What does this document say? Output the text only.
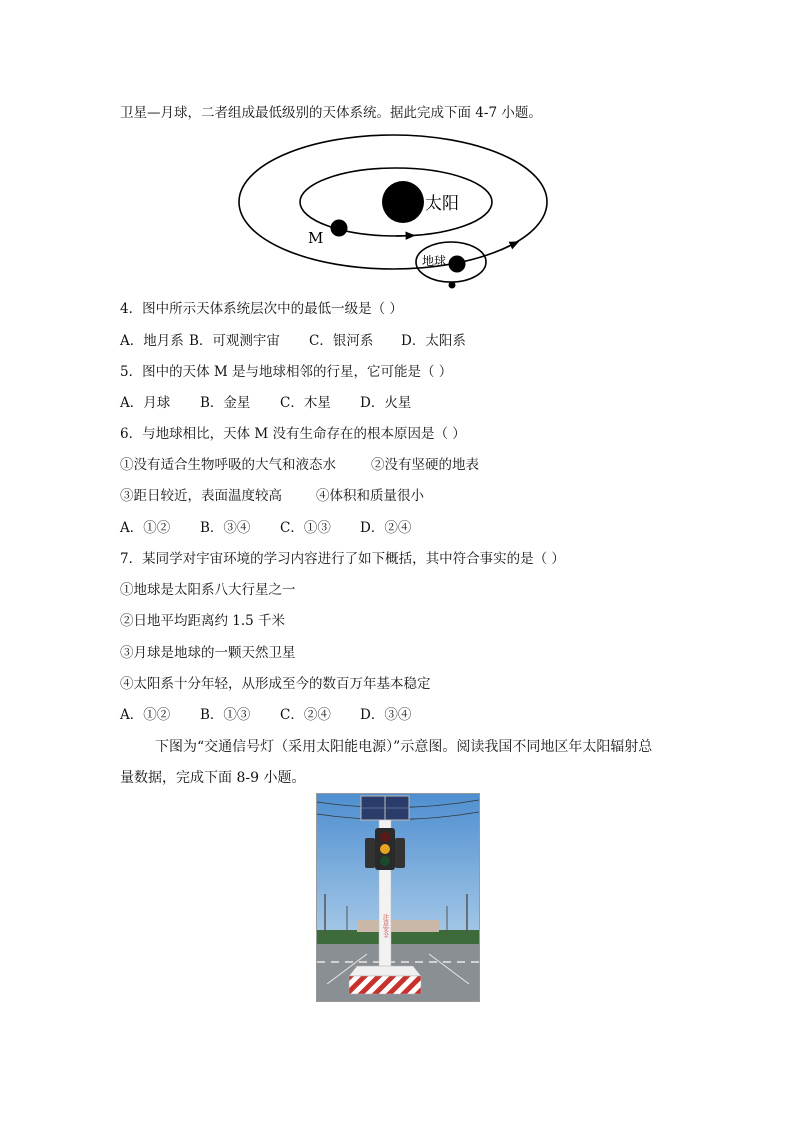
卫星—月球，二者组成最低级别的天体系统。据此完成下面 4-7 小题。
太阳
M
地球
4．图中所示天体系统层次中的最低一级是（ ）
A．地月系 B．可观测宇宙 C．银河系 D．太阳系
5．图中的天体 M 是与地球相邻的行星，它可能是（ ）
A．月球 B．金星 C．木星 D．火星
6．与地球相比，天体 M 没有生命存在的根本原因是（ ）
①没有适合生物呼吸的大气和液态水	②没有坚硬的地表
③距日较近，表面温度较高	④体积和质量很小
A．①② B．③④ C．①③ D．②④
7．某同学对宇宙环境的学习内容进行了如下概括，其中符合事实的是（ ）
①地球是太阳系八大行星之一
②日地平均距离约 1.5 千米
③月球是地球的一颗天然卫星
④太阳系十分年轻，从形成至今的数百万年基本稳定
A．①② B．①③ C．②④ D．③④
下图为“交通信号灯（采用太阳能电源）”示意图。阅读我国不同地区年太阳辐射总
量数据，完成下面 8-9 小题。
注意安全
